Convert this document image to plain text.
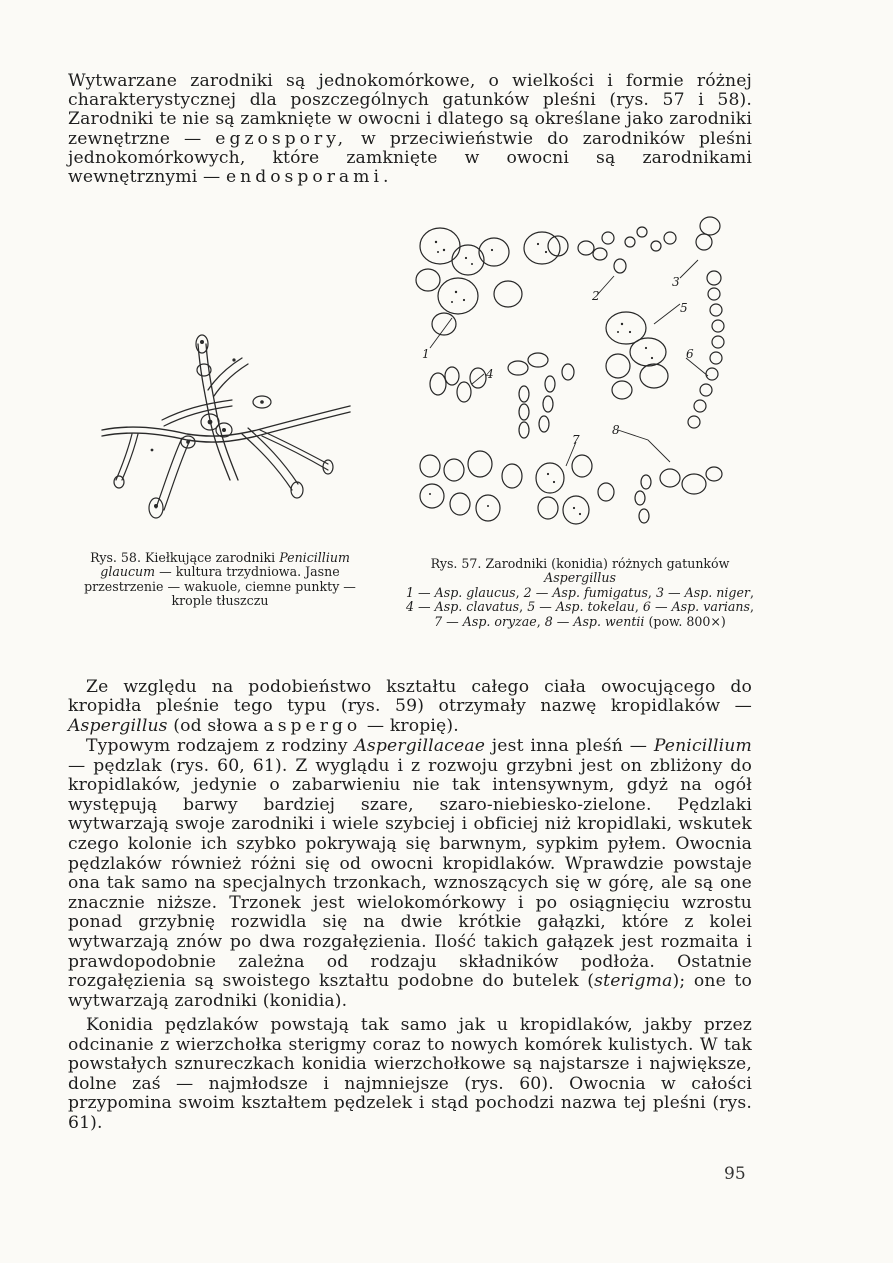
Wytwarzane zarodniki są jednokomórkowe, o wielkości i formie różnej charakterystycznej dla poszczególnych gatunków pleśni (rys. 57 i 58). Zarodniki te nie są zamknięte w owocni i dlatego są określane jako zarodniki zewnętrzne — egzospory, w przeciwieństwie do zarodników pleśni jednokomórkowych, które zamknięte w owocni są zarodnikami wewnętrznymi — endosporami.

1
2
3
4
5
6
7
8

Rys. 58. Kiełkujące zarodniki Penicillium glaucum — kultura trzydniowa. Jasne przestrzenie — wakuole, ciemne punkty — krople tłuszczu

Rys. 57. Zarodniki (konidia) różnych gatunków Aspergillus

1 — Asp. glaucus, 2 — Asp. fumigatus, 3 — Asp. niger, 4 — Asp. clavatus, 5 — Asp. tokelau, 6 — Asp. varians, 7 — Asp. oryzae, 8 — Asp. wentii (pow. 800×)

Ze względu na podobieństwo kształtu całego ciała owocującego do kropidła pleśnie tego typu (rys. 59) otrzymały nazwę kropidlaków — Aspergillus (od słowa aspergo — kropię).

Typowym rodzajem z rodziny Aspergillaceae jest inna pleśń — Penicillium — pędzlak (rys. 60, 61). Z wyglądu i z rozwoju grzybni jest on zbliżony do kropidlaków, jedynie o zabarwieniu nie tak intensywnym, gdyż na ogół występują barwy bardziej szare, szaro-niebiesko-zielone. Pędzlaki wytwarzają swoje zarodniki i wiele szybciej i obficiej niż kropidlaki, wskutek czego kolonie ich szybko pokrywają się barwnym, sypkim pyłem. Owocnia pędzlaków również różni się od owocni kropidlaków. Wprawdzie powstaje ona tak samo na specjalnych trzonkach, wznoszących się w górę, ale są one znacznie niższe. Trzonek jest wielokomórkowy i po osiągnięciu wzrostu ponad grzybnię rozwidla się na dwie krótkie gałązki, które z kolei wytwarzają znów po dwa rozgałęzienia. Ilość takich gałązek jest rozmaita i prawdopodobnie zależna od rodzaju składników podłoża. Ostatnie rozgałęzienia są swoistego kształtu podobne do butelek (sterigma); one to wytwarzają zarodniki (konidia).

Konidia pędzlaków powstają tak samo jak u kropidlaków, jakby przez odcinanie z wierzchołka sterigmy coraz to nowych komórek kulistych. W tak powstałych sznureczkach konidia wierzchołkowe są najstarsze i największe, dolne zaś — najmłodsze i najmniejsze (rys. 60). Owocnia w całości przypomina swoim kształtem pędzelek i stąd pochodzi nazwa tej pleśni (rys. 61).

95
